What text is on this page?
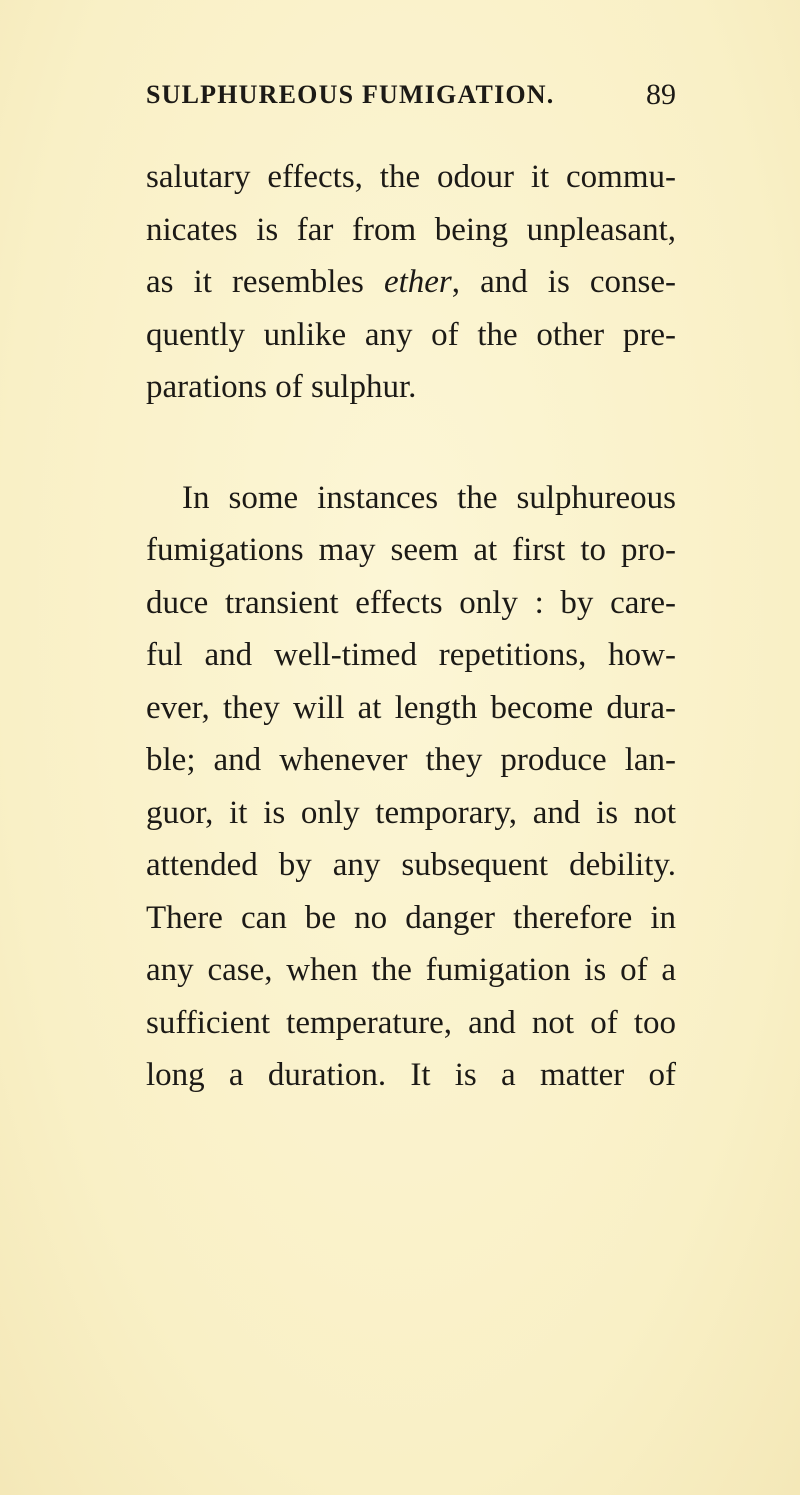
SULPHUREOUS FUMIGATION.	89
salutary effects, the odour it commu-
nicates is far from being unpleasant,
as it resembles ether, and is conse-
quently unlike any of the other pre-
parations of sulphur.
In some instances the sulphureous
fumigations may seem at first to pro-
duce transient effects only : by care-
ful and well-timed repetitions, how-
ever, they will at length become dura-
ble; and whenever they produce lan-
guor, it is only temporary, and is not
attended by any subsequent debility.
There can be no danger therefore in
any case, when the fumigation is of a
sufficient temperature, and not of too
long a duration. It is a matter of
